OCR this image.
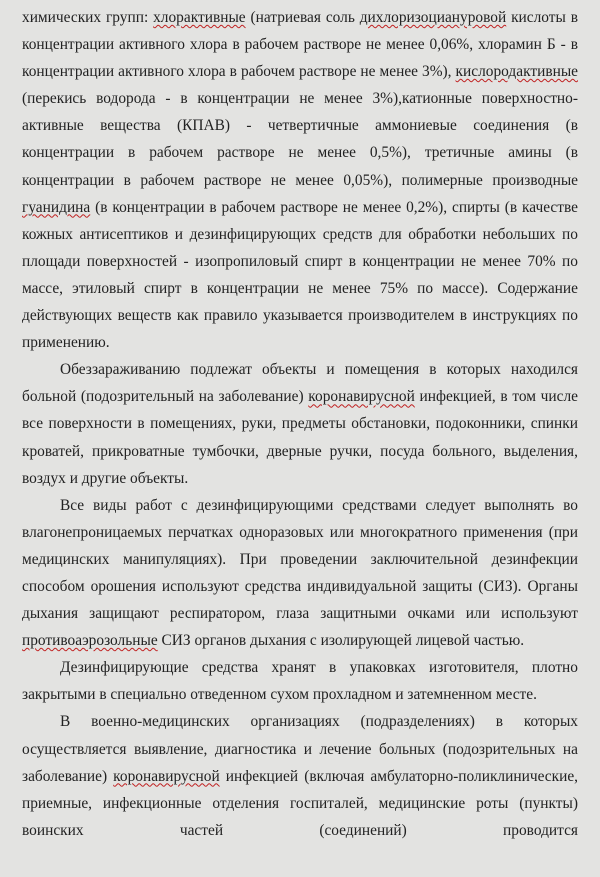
химических групп: хлорактивные (натриевая соль дихлоризоциануровой кислоты в концентрации активного хлора в рабочем растворе не менее 0,06%, хлорамин Б - в концентрации активного хлора в рабочем растворе не менее 3%), кислородактивные (перекись водорода - в концентрации не менее 3%),катионные поверхностно-активные вещества (КПАВ) - четвертичные аммониевые соединения (в концентрации в рабочем растворе не менее 0,5%), третичные амины (в концентрации в рабочем растворе не менее 0,05%), полимерные производные гуанидина (в концентрации в рабочем растворе не менее 0,2%), спирты (в качестве кожных антисептиков и дезинфицирующих средств для обработки небольших по площади поверхностей - изопропиловый спирт в концентрации не менее 70% по массе, этиловый спирт в концентрации не менее 75% по массе). Содержание действующих веществ как правило указывается производителем в инструкциях по применению.

Обеззараживанию подлежат объекты и помещения в которых находился больной (подозрительный на заболевание) коронавирусной инфекцией, в том числе все поверхности в помещениях, руки, предметы обстановки, подоконники, спинки кроватей, прикроватные тумбочки, дверные ручки, посуда больного, выделения, воздух и другие объекты.

Все виды работ с дезинфицирующими средствами следует выполнять во влагонепроницаемых перчатках одноразовых или многократного применения (при медицинских манипуляциях). При проведении заключительной дезинфекции способом орошения используют средства индивидуальной защиты (СИЗ). Органы дыхания защищают респиратором, глаза защитными очками или используют противоаэрозольные СИЗ органов дыхания с изолирующей лицевой частью.

Дезинфицирующие средства хранят в упаковках изготовителя, плотно закрытыми в специально отведенном сухом прохладном и затемненном месте.

В военно-медицинских организациях (подразделениях) в которых осуществляется выявление, диагностика и лечение больных (подозрительных на заболевание) коронавирусной инфекцией (включая амбулаторно-поликлинические, приемные, инфекционные отделения госпиталей, медицинские роты (пункты) воинских частей (соединений) проводится
